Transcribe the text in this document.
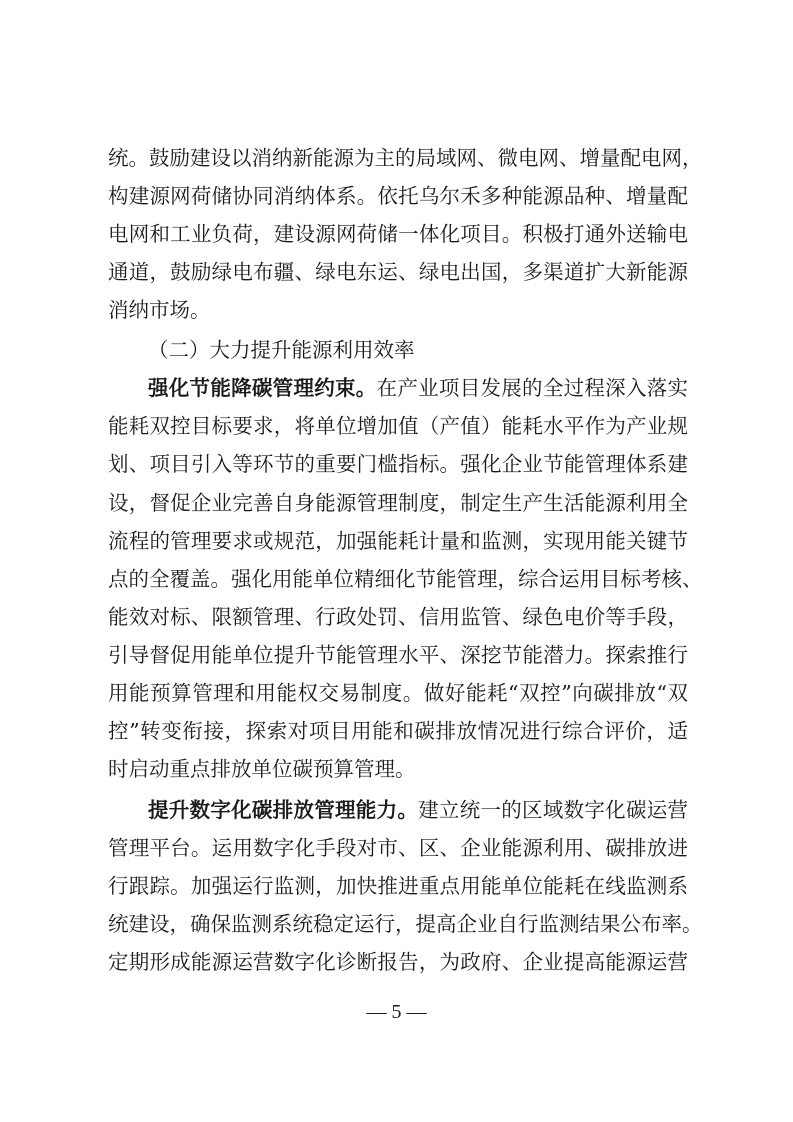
统。鼓励建设以消纳新能源为主的局域网、微电网、增量配电网，
构建源网荷储协同消纳体系。依托乌尔禾多种能源品种、增量配
电网和工业负荷，建设源网荷储一体化项目。积极打通外送输电
通道，鼓励绿电布疆、绿电东运、绿电出国，多渠道扩大新能源
消纳市场。
（二）大力提升能源利用效率
强化节能降碳管理约束。在产业项目发展的全过程深入落实
能耗双控目标要求，将单位增加值（产值）能耗水平作为产业规
划、项目引入等环节的重要门槛指标。强化企业节能管理体系建
设，督促企业完善自身能源管理制度，制定生产生活能源利用全
流程的管理要求或规范，加强能耗计量和监测，实现用能关键节
点的全覆盖。强化用能单位精细化节能管理，综合运用目标考核、
能效对标、限额管理、行政处罚、信用监管、绿色电价等手段，
引导督促用能单位提升节能管理水平、深挖节能潜力。探索推行
用能预算管理和用能权交易制度。做好能耗“双控”向碳排放“双
控”转变衔接，探索对项目用能和碳排放情况进行综合评价，适
时启动重点排放单位碳预算管理。
提升数字化碳排放管理能力。建立统一的区域数字化碳运营
管理平台。运用数字化手段对市、区、企业能源利用、碳排放进
行跟踪。加强运行监测，加快推进重点用能单位能耗在线监测系
统建设，确保监测系统稳定运行，提高企业自行监测结果公布率。
定期形成能源运营数字化诊断报告，为政府、企业提高能源运营
— 5 —
